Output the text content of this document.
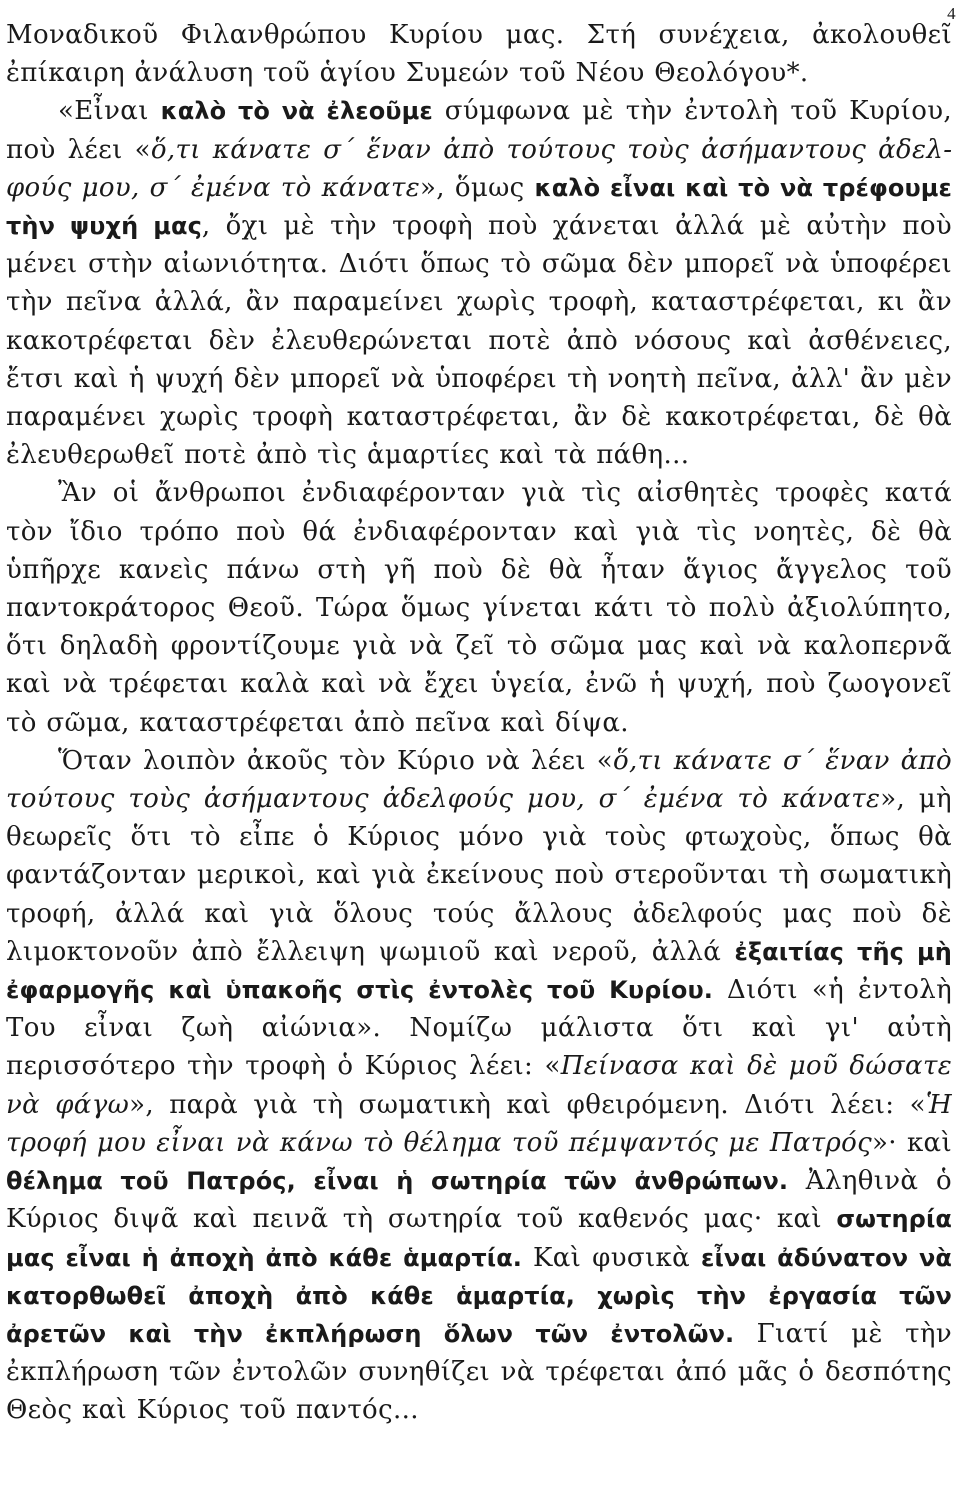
4

Μοναδικοῦ Φιλανθρώπου Κυρίου μας. Στή συνέχεια, ἀκολουθεῖ ἐπίκαιρη ἀνάλυση τοῦ ἁγίου Συμεών τοῦ Νέου Θεολόγου*.

«Εἶναι καλὸ τὸ νὰ ἐλεοῦμε σύμφωνα μὲ τὴν ἐντολὴ τοῦ Κυρίου, ποὺ λέει «ὅ,τι κάνατε σ΄ ἕναν ἀπὸ τούτους τοὺς ἀσήμαντους ἀδελφούς μου, σ΄ ἐμένα τὸ κάνατε», ὅμως καλὸ εἶναι καὶ τὸ νὰ τρέφουμε τὴν ψυχή μας, ὄχι μὲ τὴν τροφὴ ποὺ χάνεται ἀλλά μὲ αὐτὴν ποὺ μένει στὴν αἰωνιότητα. Διότι ὅπως τὸ σῶμα δὲν μπορεῖ νὰ ὑποφέρει τὴν πεῖνα ἀλλά, ἂν παραμείνει χωρὶς τροφὴ, καταστρέφεται, κι ἂν κακοτρέφεται δὲν ἐλευθερώνεται ποτὲ ἀπὸ νόσους καὶ ἀσθένειες, ἔτσι καὶ ἡ ψυχή δὲν μπορεῖ νὰ ὑποφέρει τὴ νοητὴ πεῖνα, ἀλλ' ἂν μὲν παραμένει χωρὶς τροφὴ καταστρέφεται, ἂν δὲ κακοτρέφεται, δὲ θὰ ἐλευθερωθεῖ ποτὲ ἀπὸ τὶς ἁμαρτίες καὶ τὰ πάθη...

Ἂν οἱ ἄνθρωποι ἐνδιαφέρονταν γιὰ τὶς αἰσθητὲς τροφὲς κατά τὸν ἴδιο τρόπο ποὺ θά ἐνδιαφέρονταν καὶ γιὰ τὶς νοητὲς, δὲ θὰ ὑπῆρχε κανεὶς πάνω στὴ γῆ ποὺ δὲ θὰ ἦταν ἅγιος ἄγγελος τοῦ παντοκράτορος Θεοῦ. Τώρα ὅμως γίνεται κάτι τὸ πολὺ ἀξιολύπητο, ὅτι δηλαδὴ φροντίζουμε γιὰ νὰ ζεῖ τὸ σῶμα μας καὶ νὰ καλοπερνᾶ καὶ νὰ τρέφεται καλὰ καὶ νὰ ἔχει ὑγεία, ἐνῶ ἡ ψυχή, ποὺ ζωογονεῖ τὸ σῶμα, καταστρέφεται ἀπὸ πεῖνα καὶ δίψα.

Ὅταν λοιπὸν ἀκοῦς τὸν Κύριο νὰ λέει «ὅ,τι κάνατε σ΄ ἕναν ἀπὸ τούτους τοὺς ἀσήμαντους ἀδελφούς μου, σ΄ ἐμένα τὸ κάνατε», μὴ θεωρεῖς ὅτι τὸ εἶπε ὁ Κύριος μόνο γιὰ τοὺς φτωχοὺς, ὅπως θὰ φαντάζονταν μερικοὶ, καὶ γιὰ ἐκείνους ποὺ στεροῦνται τὴ σωματικὴ τροφή, ἀλλά καὶ γιὰ ὅλους τούς ἄλλους ἀδελφούς μας ποὺ δὲ λιμοκτονοῦν ἀπὸ ἔλλειψη ψωμιοῦ καὶ νεροῦ, ἀλλά ἐξαιτίας τῆς μὴ ἐφαρμογῆς καὶ ὑπακοῆς στὶς ἐντολὲς τοῦ Κυρίου. Διότι «ἡ ἐντολὴ Του εἶναι ζωὴ αἰώνια». Νομίζω μάλιστα ὅτι καὶ γι' αὐτὴ περισσότερο τὴν τροφὴ ὁ Κύριος λέει: «Πείνασα καὶ δὲ μοῦ δώσατε νὰ φάγω», παρὰ γιὰ τὴ σωματικὴ καὶ φθειρόμενη. Διότι λέει: «Ἡ τροφή μου εἶναι νὰ κάνω τὸ θέλημα τοῦ πέμψαντός με Πατρός»· καὶ θέλημα τοῦ Πατρός, εἶναι ἡ σωτηρία τῶν ἀνθρώπων. Ἀληθινὰ ὁ Κύριος διψᾶ καὶ πεινᾶ τὴ σωτηρία τοῦ καθενός μας· καὶ σωτηρία μας εἶναι ἡ ἀποχὴ ἀπὸ κάθε ἁμαρτία. Καὶ φυσικὰ εἶναι ἀδύνατον νὰ κατορθωθεῖ ἀποχὴ ἀπὸ κάθε ἁμαρτία, χωρὶς τὴν ἐργασία τῶν ἀρετῶν καὶ τὴν ἐκπλήρωση ὅλων τῶν ἐντολῶν. Γιατί μὲ τὴν ἐκπλήρωση τῶν ἐντολῶν συνηθίζει νὰ τρέφεται ἀπό μᾶς ὁ δεσπότης Θεὸς καὶ Κύριος τοῦ παντός...
